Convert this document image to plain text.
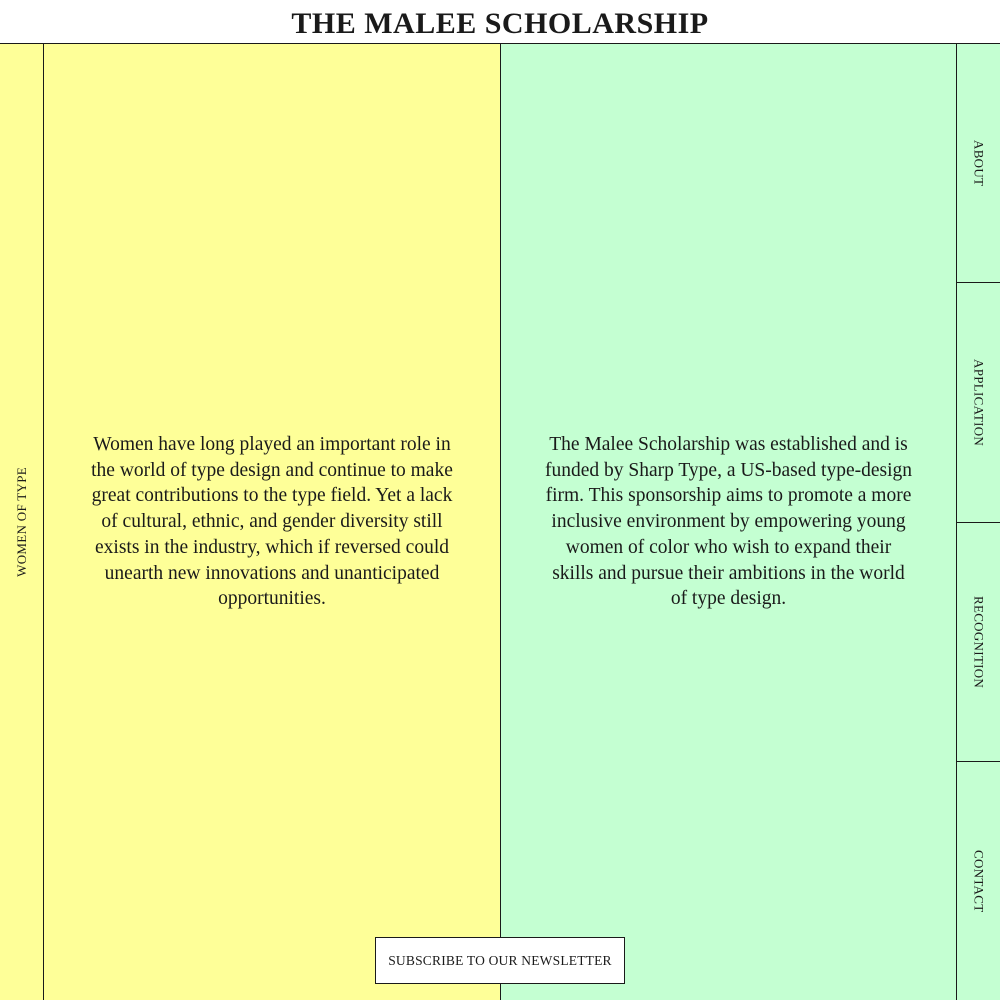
THE MALEE SCHOLARSHIP
WOMEN OF TYPE

Women have long played an important role in the world of type design and continue to make great contributions to the type field. Yet a lack of cultural, ethnic, and gender diversity still exists in the industry, which if reversed could unearth new innovations and unanticipated opportunities.

The Malee Scholarship was established and is funded by Sharp Type, a US-based type-design firm. This sponsorship aims to promote a more inclusive environment by empowering young women of color who wish to expand their skills and pursue their ambitions in the world of type design.

ABOUT
APPLICATION
RECOGNITION
CONTACT
SUBSCRIBE TO OUR NEWSLETTER
